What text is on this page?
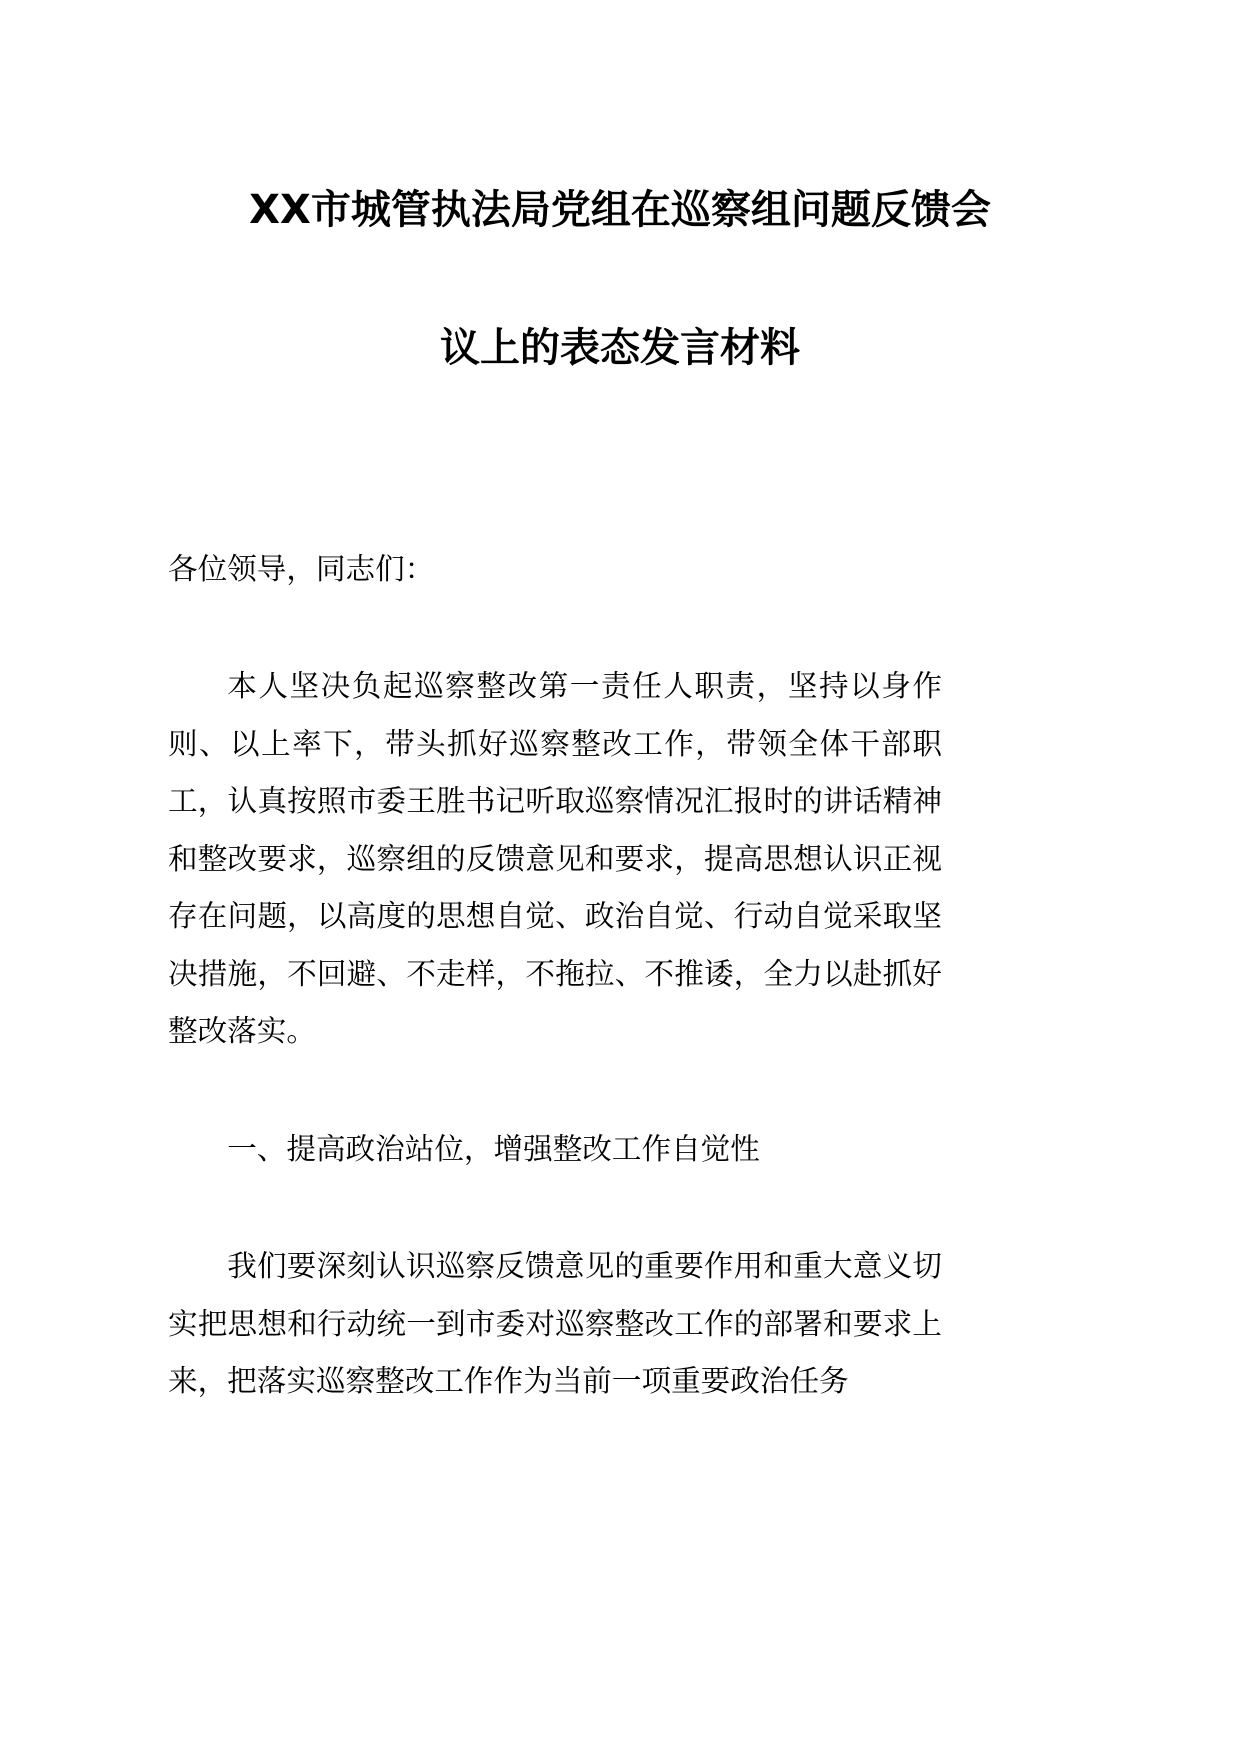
XX市城管执法局党组在巡察组问题反馈会
议上的表态发言材料
各位领导，同志们：
本人坚决负起巡察整改第一责任人职责，坚持以身作则、以上率下，带头抓好巡察整改工作，带领全体干部职工，认真按照市委王胜书记听取巡察情况汇报时的讲话精神和整改要求，巡察组的反馈意见和要求，提高思想认识正视存在问题，以高度的思想自觉、政治自觉、行动自觉采取坚决措施，不回避、不走样，不拖拉、不推诿，全力以赴抓好整改落实。
一、提高政治站位，增强整改工作自觉性
我们要深刻认识巡察反馈意见的重要作用和重大意义切实把思想和行动统一到市委对巡察整改工作的部署和要求上来，把落实巡察整改工作作为当前一项重要政治任务
